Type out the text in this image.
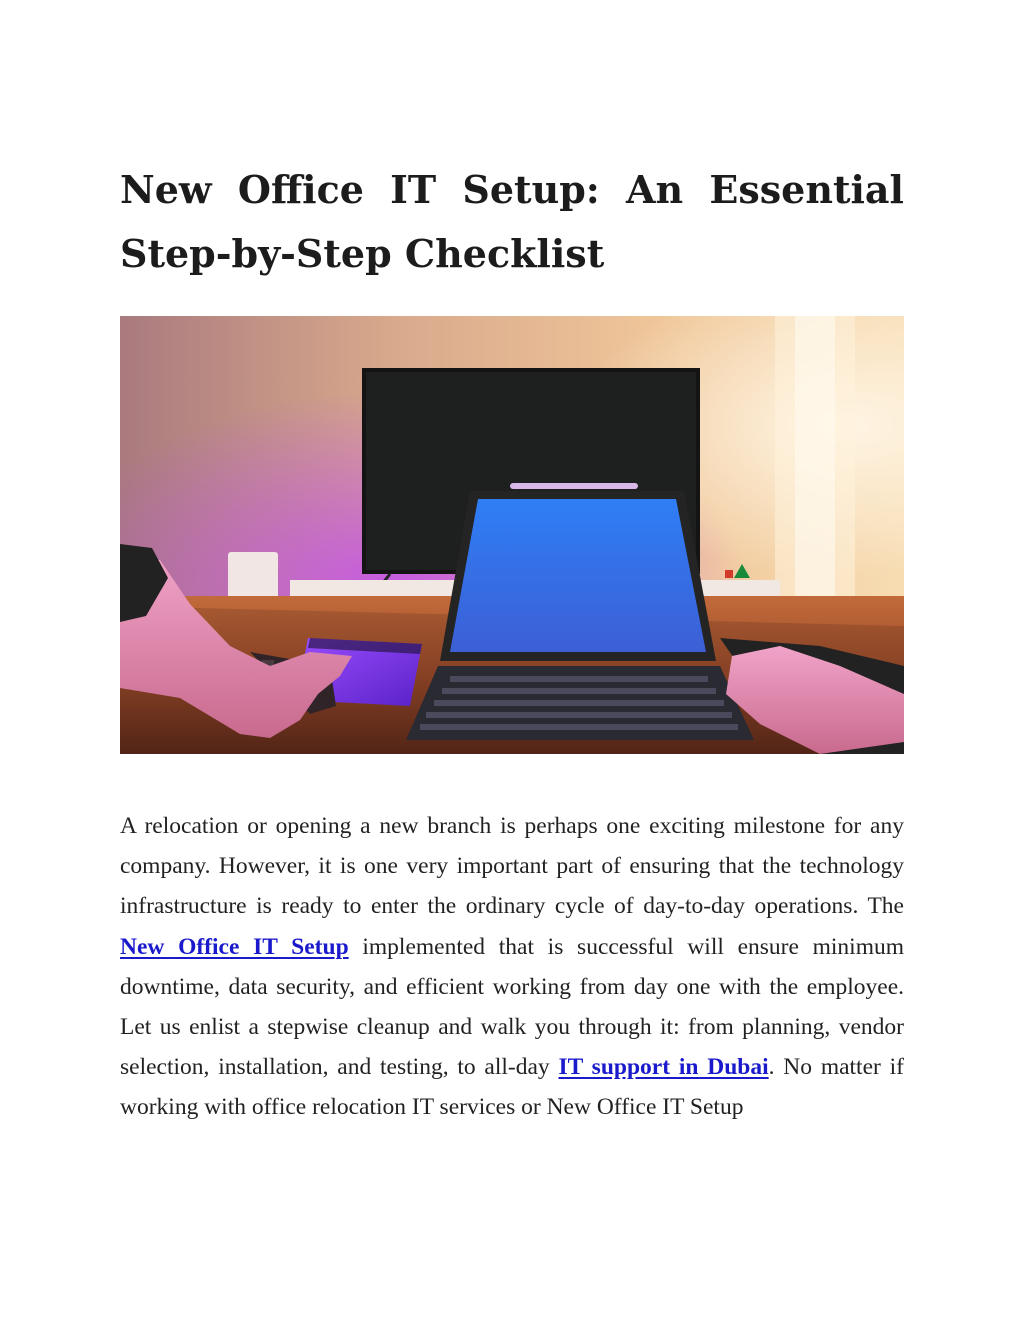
New Office IT Setup: An Essential Step-by-Step Checklist

A relocation or opening a new branch is perhaps one exciting milestone for any company. However, it is one very important part of ensuring that the technology infrastructure is ready to enter the ordinary cycle of day-to-day operations. The New Office IT Setup implemented that is successful will ensure minimum downtime, data security, and efficient working from day one with the employee. Let us enlist a stepwise cleanup and walk you through it: from planning, vendor selection, installation, and testing, to all-day IT support in Dubai. No matter if working with office relocation IT services or New Office IT Setup
